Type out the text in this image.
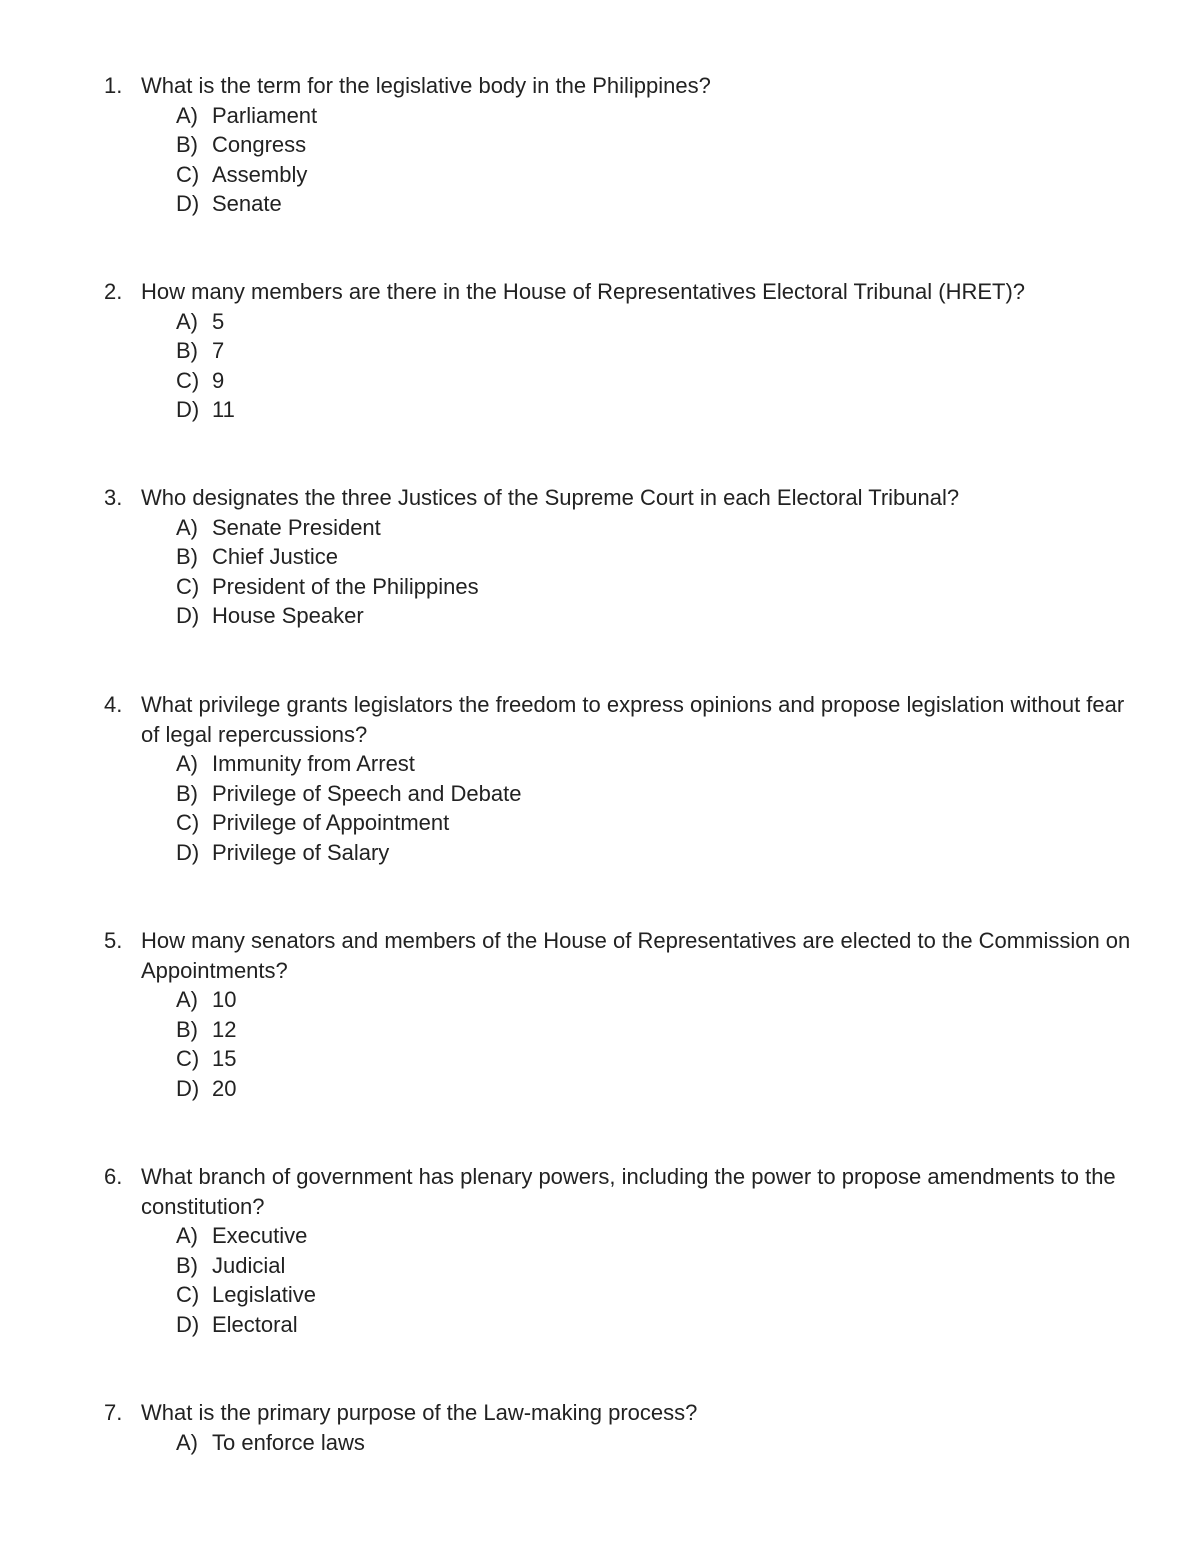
1. What is the term for the legislative body in the Philippines?
A) Parliament
B) Congress
C) Assembly
D) Senate
2. How many members are there in the House of Representatives Electoral Tribunal (HRET)?
A) 5
B) 7
C) 9
D) 11
3. Who designates the three Justices of the Supreme Court in each Electoral Tribunal?
A) Senate President
B) Chief Justice
C) President of the Philippines
D) House Speaker
4. What privilege grants legislators the freedom to express opinions and propose legislation without fear of legal repercussions?
A) Immunity from Arrest
B) Privilege of Speech and Debate
C) Privilege of Appointment
D) Privilege of Salary
5. How many senators and members of the House of Representatives are elected to the Commission on Appointments?
A) 10
B) 12
C) 15
D) 20
6. What branch of government has plenary powers, including the power to propose amendments to the constitution?
A) Executive
B) Judicial
C) Legislative
D) Electoral
7. What is the primary purpose of the Law-making process?
A) To enforce laws
